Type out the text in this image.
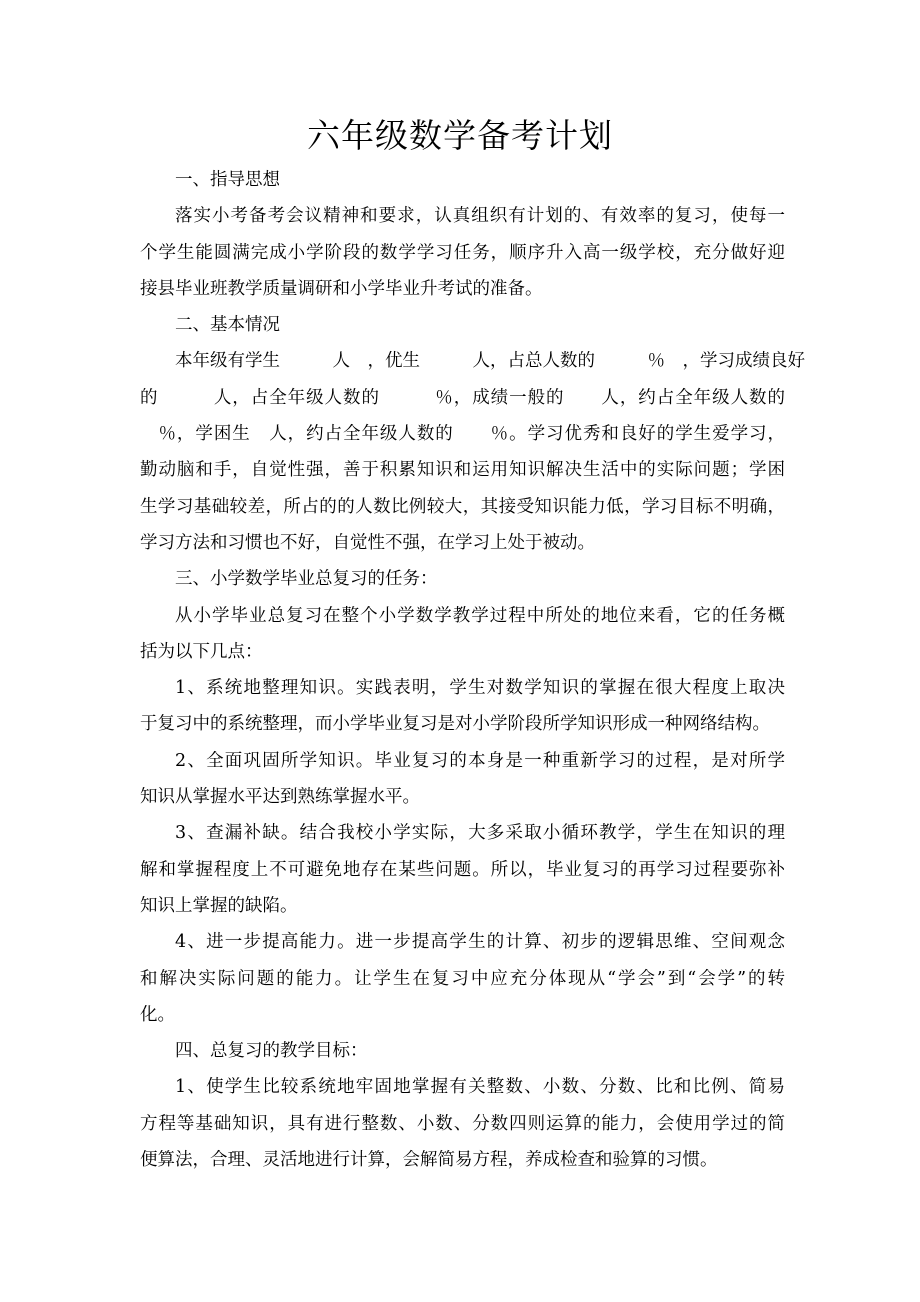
六年级数学备考计划
一、指导思想
落实小考备考会议精神和要求，认真组织有计划的、有效率的复习，使每一
个学生能圆满完成小学阶段的数学学习任务，顺序升入高一级学校，充分做好迎
接县毕业班教学质量调研和小学毕业升考试的准备。
二、基本情况
本年级有学生　　　人　，优生　　　人，占总人数的　　　％　，学习成绩良好
的　　　人，占全年级人数的　　　％，成绩一般的　　人，约占全年级人数的
　％，学困生　人，约占全年级人数的　　％。学习优秀和良好的学生爱学习，
勤动脑和手，自觉性强，善于积累知识和运用知识解决生活中的实际问题；学困
生学习基础较差，所占的的人数比例较大，其接受知识能力低，学习目标不明确，
学习方法和习惯也不好，自觉性不强，在学习上处于被动。
三、小学数学毕业总复习的任务：
从小学毕业总复习在整个小学数学教学过程中所处的地位来看，它的任务概
括为以下几点：
1、系统地整理知识。实践表明，学生对数学知识的掌握在很大程度上取决
于复习中的系统整理，而小学毕业复习是对小学阶段所学知识形成一种网络结构。
2、全面巩固所学知识。毕业复习的本身是一种重新学习的过程，是对所学
知识从掌握水平达到熟练掌握水平。
3、查漏补缺。结合我校小学实际，大多采取小循环教学，学生在知识的理
解和掌握程度上不可避免地存在某些问题。所以，毕业复习的再学习过程要弥补
知识上掌握的缺陷。
4、进一步提高能力。进一步提高学生的计算、初步的逻辑思维、空间观念
和解决实际问题的能力。让学生在复习中应充分体现从“学会”到“会学”的转
化。
四、总复习的教学目标：
1、使学生比较系统地牢固地掌握有关整数、小数、分数、比和比例、简易
方程等基础知识，具有进行整数、小数、分数四则运算的能力，会使用学过的简
便算法，合理、灵活地进行计算，会解简易方程，养成检查和验算的习惯。
